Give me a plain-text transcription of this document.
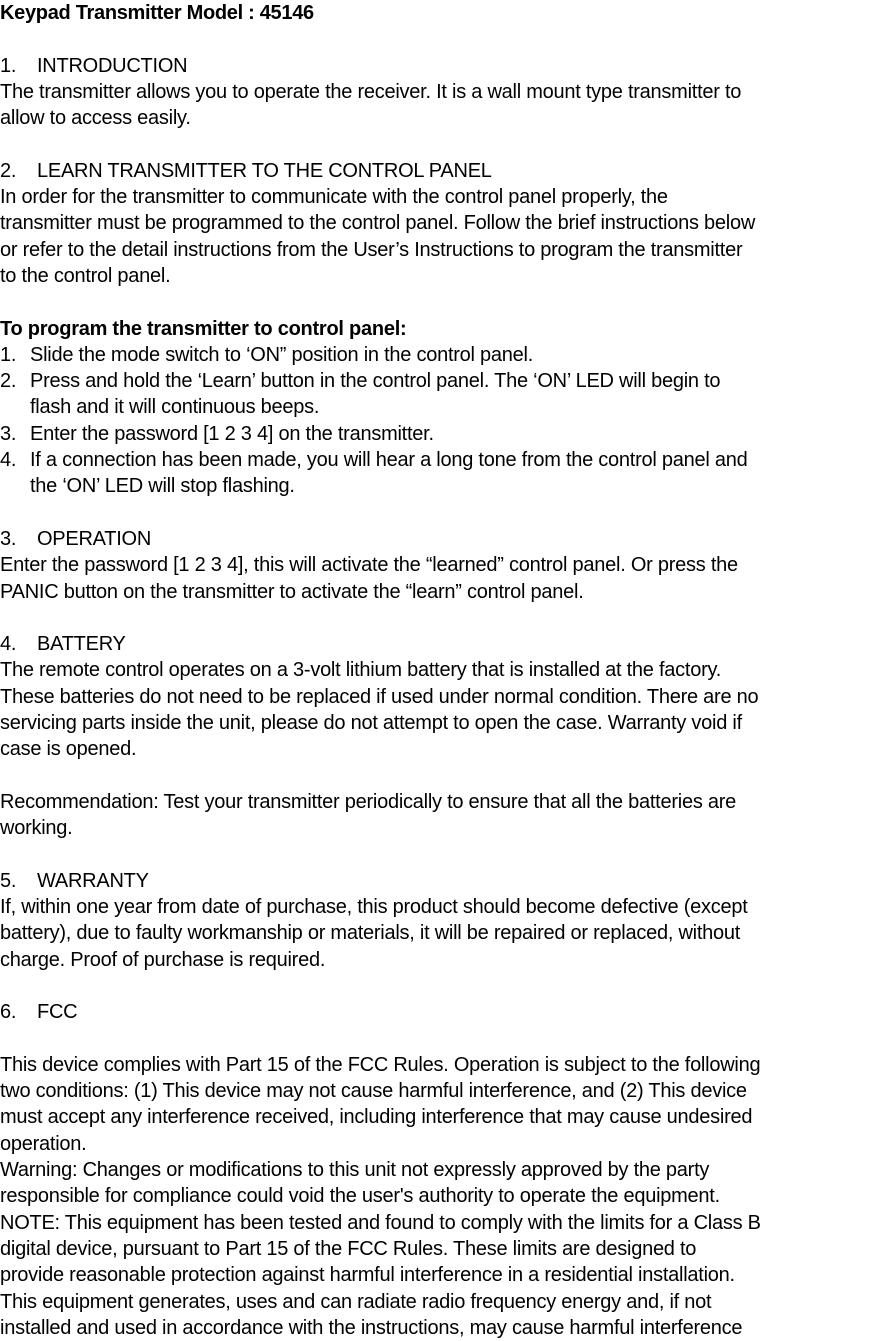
Keypad Transmitter Model : 45146
1. INTRODUCTION
The transmitter allows you to operate the receiver. It is a wall mount type transmitter to
allow to access easily.
2. LEARN TRANSMITTER TO THE CONTROL PANEL
In order for the transmitter to communicate with the control panel properly, the
transmitter must be programmed to the control panel. Follow the brief instructions below
or refer to the detail instructions from the User’s Instructions to program the transmitter
to the control panel.
To program the transmitter to control panel:
1. Slide the mode switch to ‘ON” position in the control panel.
2. Press and hold the ‘Learn’ button in the control panel. The ‘ON’ LED will begin to
flash and it will continuous beeps.
3. Enter the password [1 2 3 4] on the transmitter.
4. If a connection has been made, you will hear a long tone from the control panel and
the ‘ON’ LED will stop flashing.
3. OPERATION
Enter the password [1 2 3 4], this will activate the “learned” control panel. Or press the
PANIC button on the transmitter to activate the “learn” control panel.
4. BATTERY
The remote control operates on a 3-volt lithium battery that is installed at the factory.
These batteries do not need to be replaced if used under normal condition. There are no
servicing parts inside the unit, please do not attempt to open the case. Warranty void if
case is opened.
Recommendation: Test your transmitter periodically to ensure that all the batteries are
working.
5. WARRANTY
If, within one year from date of purchase, this product should become defective (except
battery), due to faulty workmanship or materials, it will be repaired or replaced, without
charge. Proof of purchase is required.
6. FCC
This device complies with Part 15 of the FCC Rules. Operation is subject to the following
two conditions: (1) This device may not cause harmful interference, and (2) This device
must accept any interference received, including interference that may cause undesired
operation.
Warning: Changes or modifications to this unit not expressly approved by the party
responsible for compliance could void the user's authority to operate the equipment.
NOTE: This equipment has been tested and found to comply with the limits for a Class B
digital device, pursuant to Part 15 of the FCC Rules. These limits are designed to
provide reasonable protection against harmful interference in a residential installation.
This equipment generates, uses and can radiate radio frequency energy and, if not
installed and used in accordance with the instructions, may cause harmful interference
